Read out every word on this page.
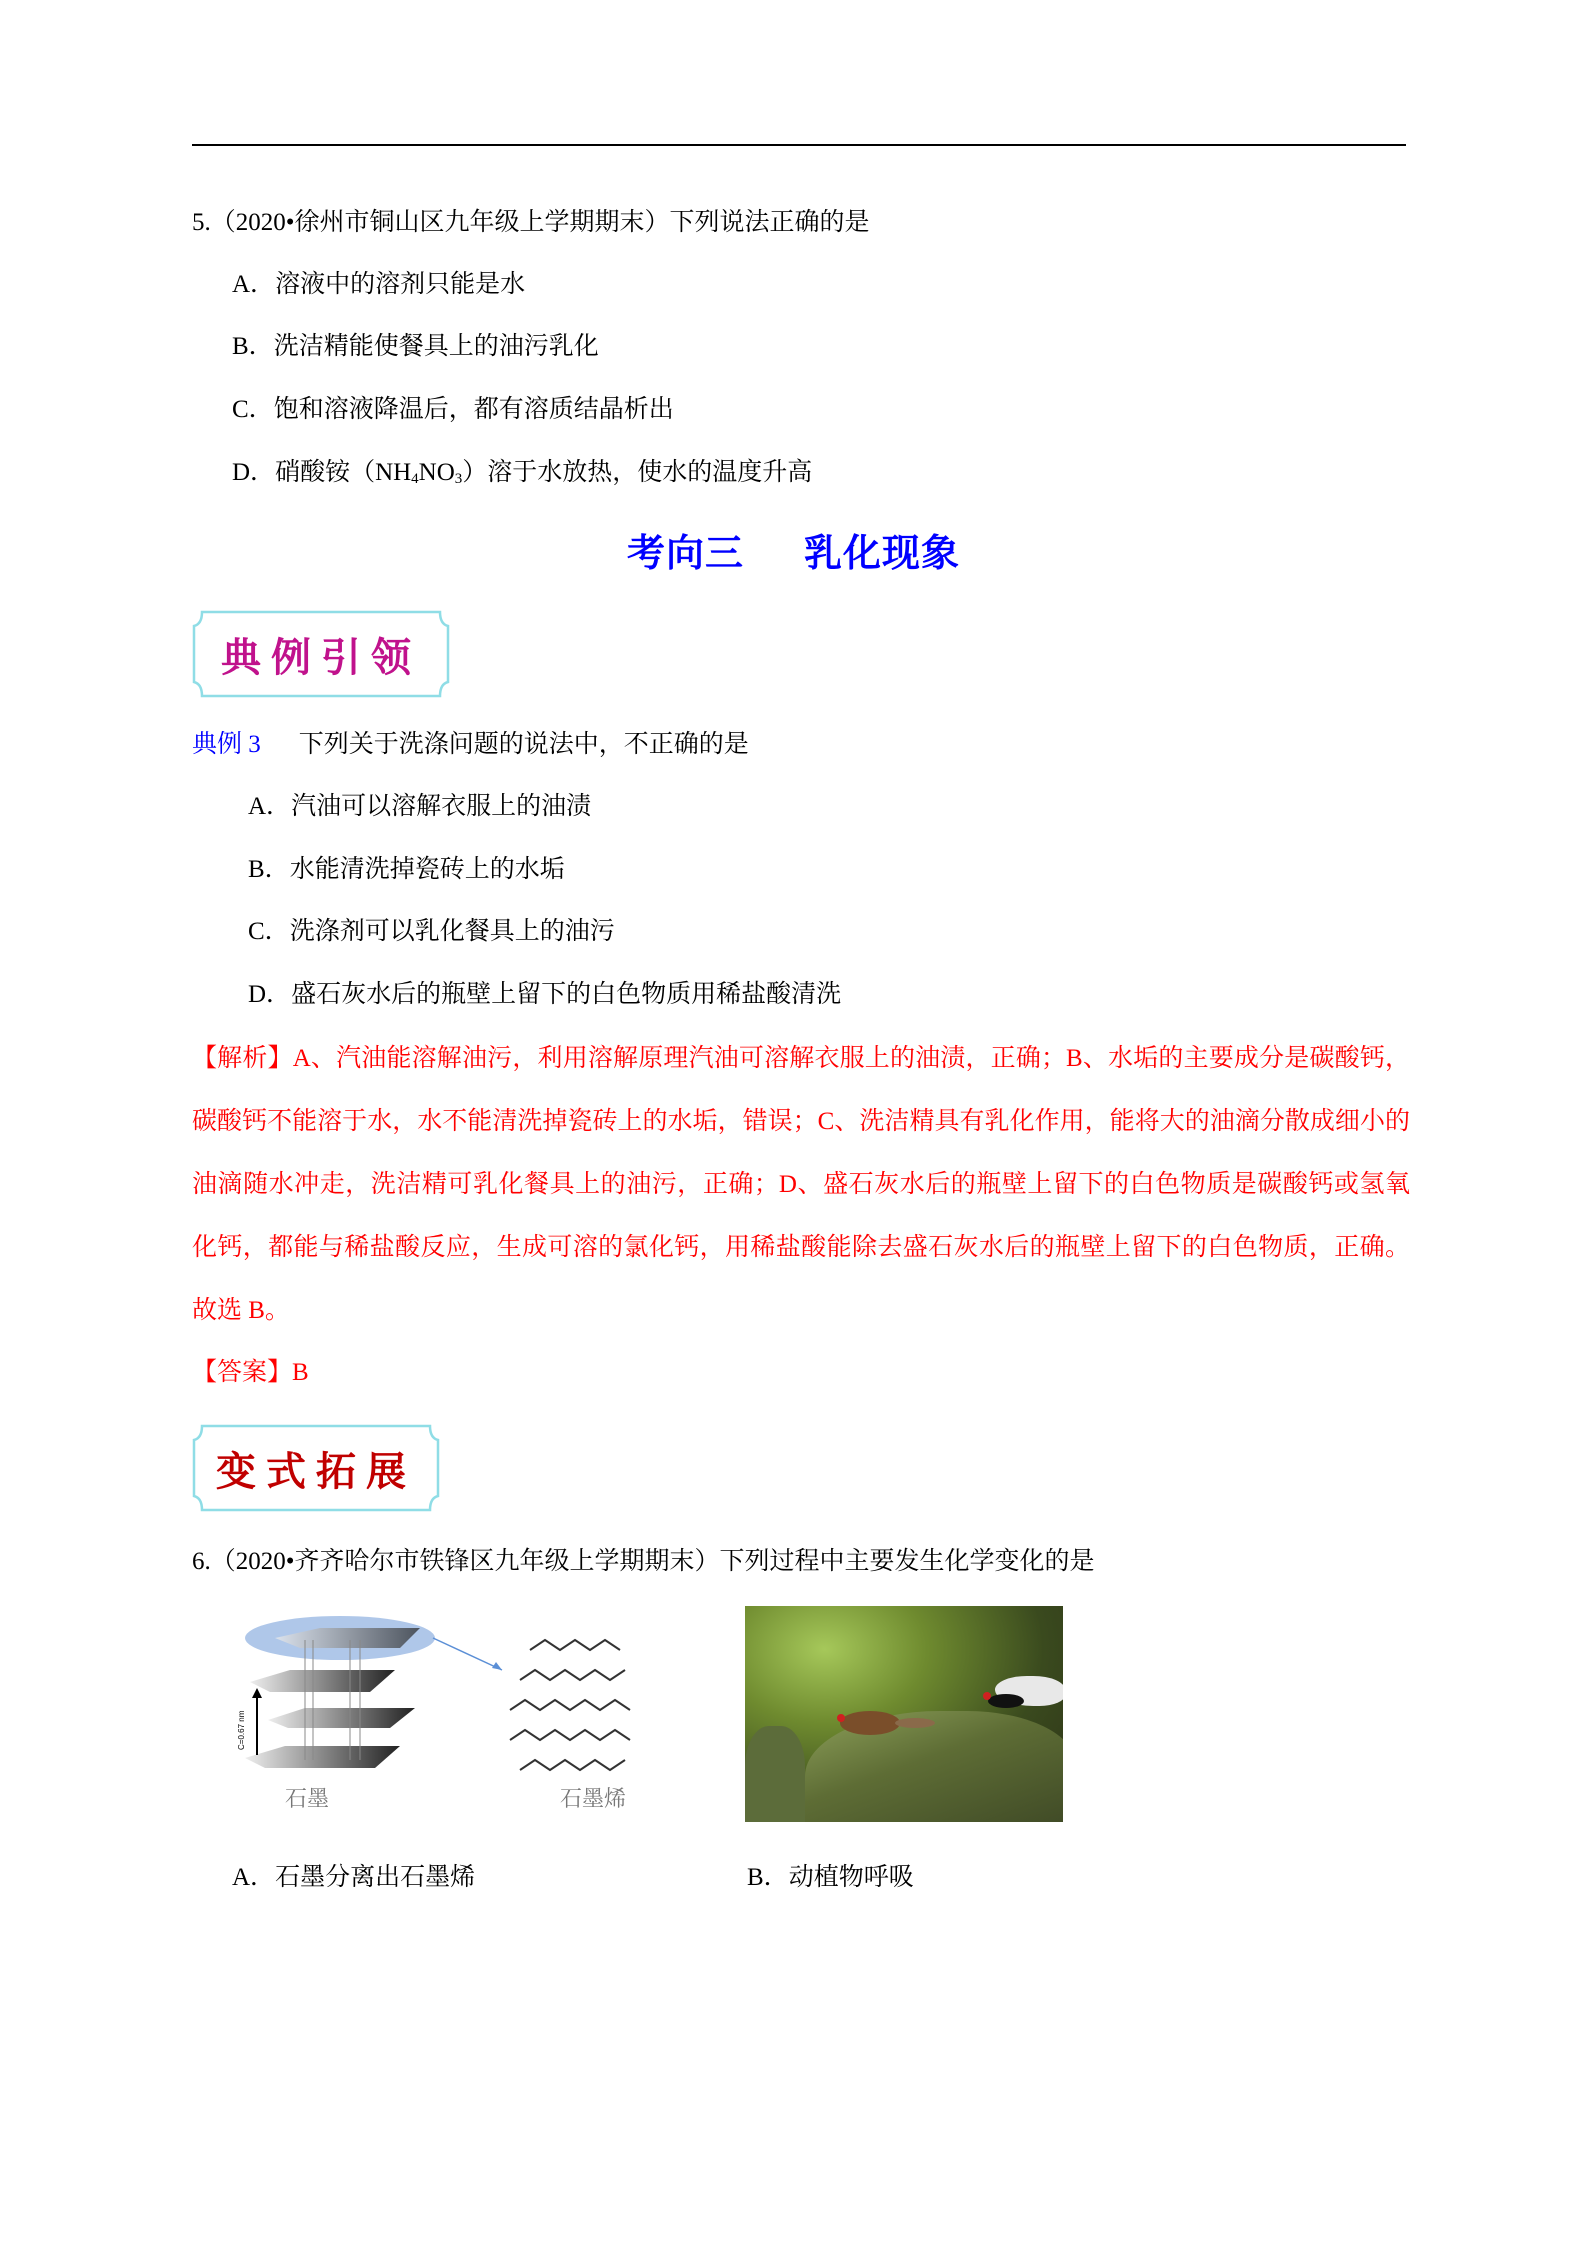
5.（2020•徐州市铜山区九年级上学期期末）下列说法正确的是
A．溶液中的溶剂只能是水
B．洗洁精能使餐具上的油污乳化
C．饱和溶液降温后，都有溶质结晶析出
D．硝酸铵$(NH_4NO_3)$溶于水放热，使水的温度升高
考向三 乳化现象
典例引领
典例 3 下列关于洗涤问题的说法中，不正确的是
A．汽油可以溶解衣服上的油渍
B．水能清洗掉瓷砖上的水垢
C．洗涤剂可以乳化餐具上的油污
D．盛石灰水后的瓶壁上留下的白色物质用稀盐酸清洗
【解析】A、汽油能溶解油污，利用溶解原理汽油可溶解衣服上的油渍，正确；B、水垢的主要成分是碳酸钙，碳酸钙不能溶于水，水不能清洗掉瓷砖上的水垢，错误；C、洗洁精具有乳化作用，能将大的油滴分散成细小的油滴随水冲走，洗洁精可乳化餐具上的油污，正确；D、盛石灰水后的瓶壁上留下的白色物质是碳酸钙或氢氧化钙，都能与稀盐酸反应，生成可溶的氯化钙，用稀盐酸能除去盛石灰水后的瓶壁上留下的白色物质，正确。故选 B。
【答案】B
变式拓展
6.（2020•齐齐哈尔市铁锋区九年级上学期期末）下列过程中主要发生化学变化的是
C=0.67 nm
石墨	石墨烯
A．石墨分离出石墨烯	B．动植物呼吸
